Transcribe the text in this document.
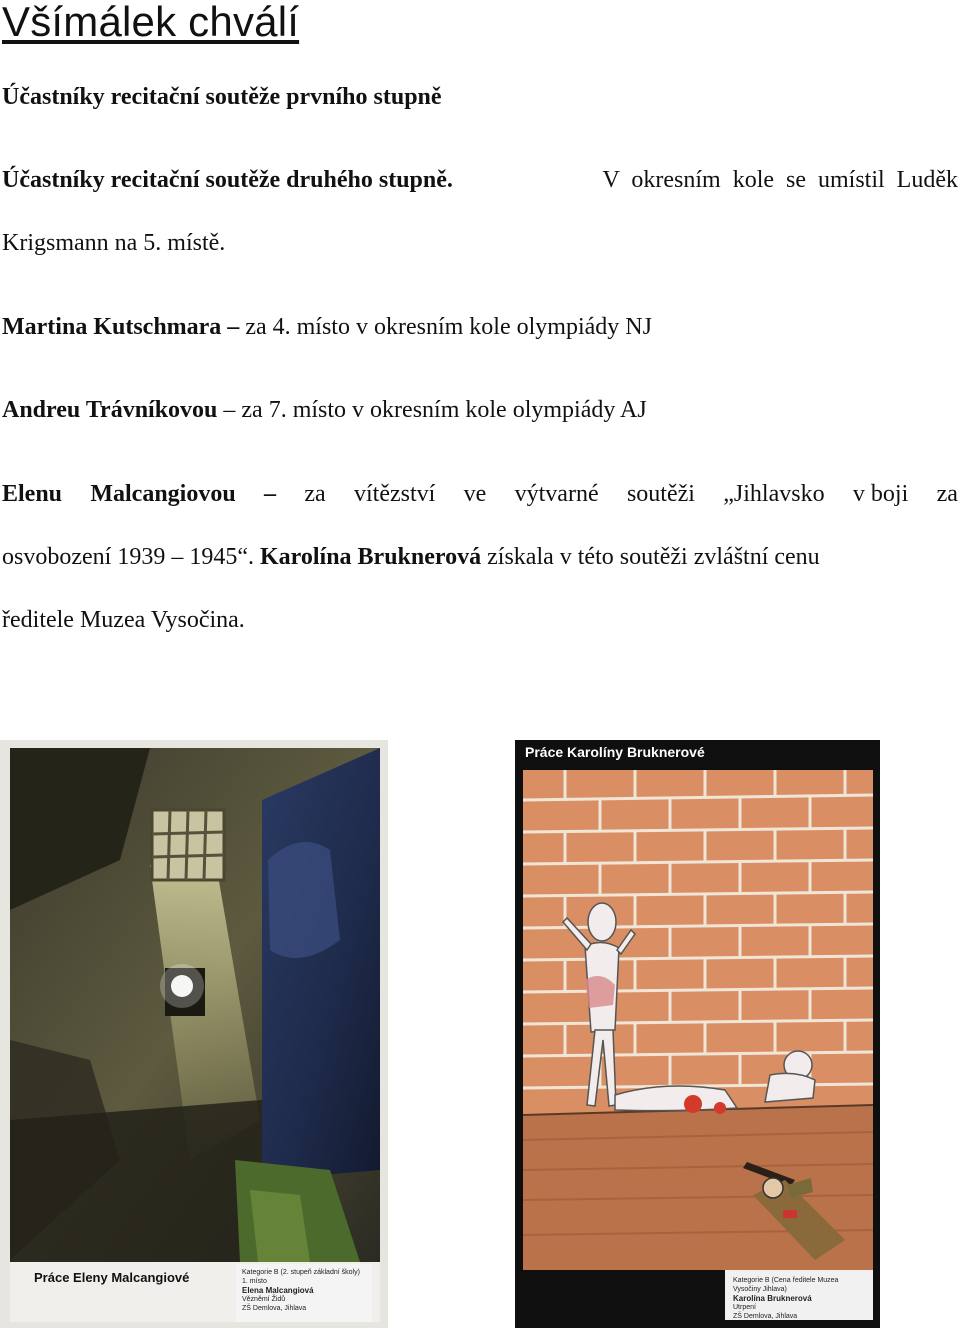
Všímálek chválí
Účastníky recitační soutěže prvního stupně
Účastníky recitační soutěže druhého stupně.	V okresním kole se umístil Luděk
Krigsmann na 5. místě.
Martina Kutschmara – za 4. místo v okresním kole olympiády NJ
Andreu Trávníkovou – za 7. místo v okresním kole olympiády AJ
Elenu Malcangiovou – za vítězství ve výtvarné soutěži „Jihlavsko v boji za
osvobození 1939 – 1945“. Karolína Bruknerová získala v této soutěži zvláštní cenu
ředitele Muzea Vysočina.
Práce Eleny Malcangiové	Kategorie B (2. stupeň základní školy)
1. místo
Elena Malcangiová
Vězněmí Židů
ZŠ Demlova, Jihlava
Práce Karolíny Bruknerové
Kategorie B (Cena ředitele Muzea Vysočiny Jihlava)
Karolína Bruknerová
Utrpení
ZŠ Demlova, Jihlava
